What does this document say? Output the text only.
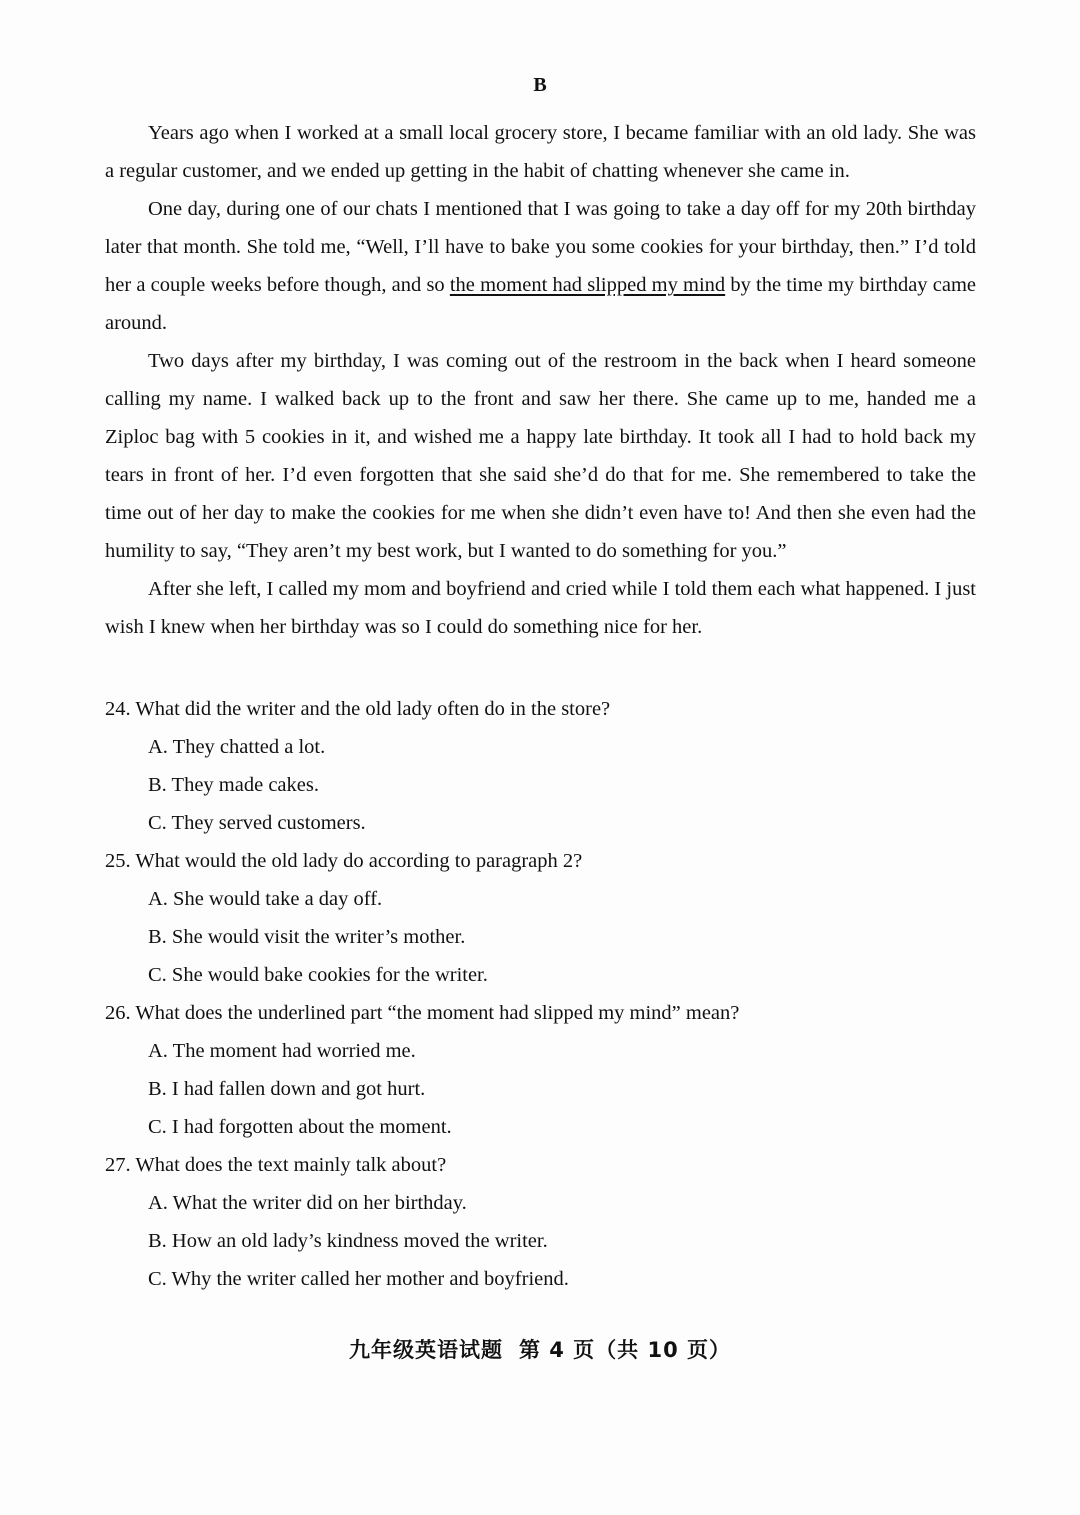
B

Years ago when I worked at a small local grocery store, I became familiar with an old lady. She was a regular customer, and we ended up getting in the habit of chatting whenever she came in.

One day, during one of our chats I mentioned that I was going to take a day off for my 20th birthday later that month. She told me, “Well, I’ll have to bake you some cookies for your birthday, then.” I’d told her a couple weeks before though, and so the moment had slipped my mind by the time my birthday came around.

Two days after my birthday, I was coming out of the restroom in the back when I heard someone calling my name. I walked back up to the front and saw her there. She came up to me, handed me a Ziploc bag with 5 cookies in it, and wished me a happy late birthday. It took all I had to hold back my tears in front of her. I’d even forgotten that she said she’d do that for me. She remembered to take the time out of her day to make the cookies for me when she didn’t even have to! And then she even had the humility to say, “They aren’t my best work, but I wanted to do something for you.”

After she left, I called my mom and boyfriend and cried while I told them each what happened. I just wish I knew when her birthday was so I could do something nice for her.

24. What did the writer and the old lady often do in the store?
A. They chatted a lot.
B. They made cakes.
C. They served customers.
25. What would the old lady do according to paragraph 2?
A. She would take a day off.
B. She would visit the writer’s mother.
C. She would bake cookies for the writer.
26. What does the underlined part “the moment had slipped my mind” mean?
A. The moment had worried me.
B. I had fallen down and got hurt.
C. I had forgotten about the moment.
27. What does the text mainly talk about?
A. What the writer did on her birthday.
B. How an old lady’s kindness moved the writer.
C. Why the writer called her mother and boyfriend.
九年级英语试题 第 4 页（共 10 页）
